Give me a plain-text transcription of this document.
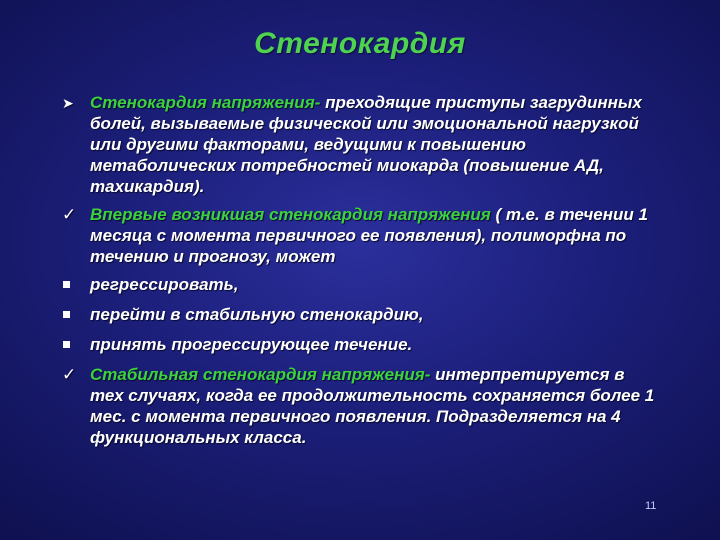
Стенокардия
➤ Стенокардия напряжения- преходящие приступы загрудинных болей, вызываемые физической или эмоциональной нагрузкой или другими факторами, ведущими к повышению метаболических потребностей миокарда (повышение АД, тахикардия).
✓ Впервые возникшая стенокардия напряжения ( т.е. в течении 1 месяца с момента первичного ее появления), полиморфна по течению и прогнозу, может
регрессировать,
перейти в стабильную стенокардию,
принять прогрессирующее течение.
✓ Стабильная стенокардия напряжения- интерпретируется в тех случаях, когда ее продолжительность сохраняется более 1 мес. с момента первичного появления. Подразделяется на 4 функциональных класса.
11
